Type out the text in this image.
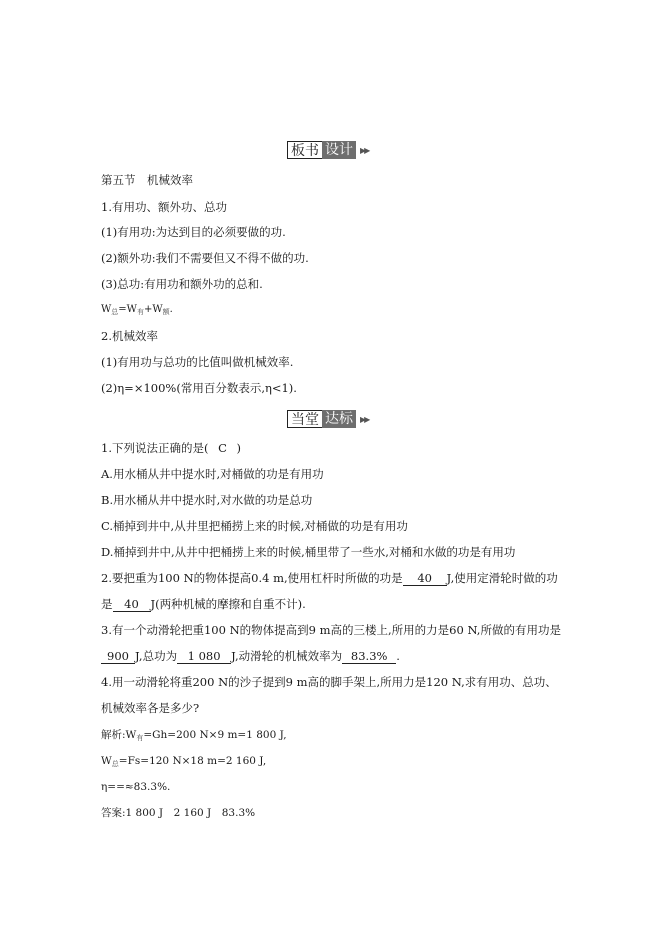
板书 设计 ▶▶
第五节　机械效率
1.有用功、额外功、总功
(1)有用功:为达到目的必须要做的功.
(2)额外功:我们不需要但又不得不做的功.
(3)总功:有用功和额外功的总和.
$W_总=W_有+W_额$.
2.机械效率
(1)有用功与总功的比值叫做机械效率.
(2)η=×100%(常用百分数表示,η<1).
当堂 达标 ▶▶
1.下列说法正确的是( C )
A.用水桶从井中提水时,对桶做的功是有用功
B.用水桶从井中提水时,对水做的功是总功
C.桶掉到井中,从井里把桶捞上来的时候,对桶做的功是有用功
D.桶掉到井中,从井中把桶捞上来的时候,桶里带了一些水,对桶和水做的功是有用功
2.要把重为100 N的物体提高0.4 m,使用杠杆时所做的功是 40 J,使用定滑轮时做的功
是 40 J(两种机械的摩擦和自重不计).
3.有一个动滑轮把重100 N的物体提高到9 m高的三楼上,所用的力是60 N,所做的有用功是
900 J,总功为 1 080 J,动滑轮的机械效率为 83.3% .
4.用一动滑轮将重200 N的沙子提到9 m高的脚手架上,所用力是120 N,求有用功、总功、
机械效率各是多少?
解析$:W_有=Gh=200$ N×9 m=1 800 J,
$W_总=Fs=120$ N×18 m=2 160 J,
η==≈83.3%.
答案:1 800 J　2 160 J　83.3%
